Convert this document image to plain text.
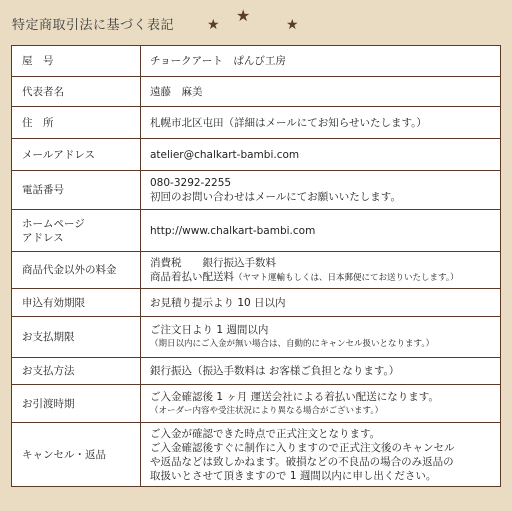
特定商取引法に基づく表記 ★ ★	★
屋　号	チョークアート　ぱんび工房

代表者名	遠藤　麻美

住　所	札幌市北区屯田（詳細はメールにてお知らせいたします。）

メールアドレス	atelier@chalkart-bambi.com

電話番号	080-3292-2255
初回のお問い合わせはメールにてお願いいたします。

ホームページ
アドレス	http://www.chalkart-bambi.com

商品代金以外の料金	消費税　　銀行振込手数料
商品着払い配送料（ヤマト運輸もしくは、日本郵便にてお送りいたします。）

申込有効期限	お見積り提示より 10 日以内

お支払期限	ご注文日より 1 週間以内
（期日以内にご入金が無い場合は、自動的にキャンセル扱いとなります。）

お支払方法	銀行振込（振込手数料は お客様ご負担となります。）

お引渡時期	ご入金確認後 1 ヶ月 運送会社による着払い配送になります。
（オーダー内容や受注状況により異なる場合がございます。）

キャンセル・返品	ご入金が確認できた時点で正式注文となります。
ご入金確認後すぐに制作に入りますので正式注文後のキャンセル
や返品などは致しかねます。破損などの不良品の場合のみ返品の
取扱いとさせて頂きますので 1 週間以内に申し出ください。
